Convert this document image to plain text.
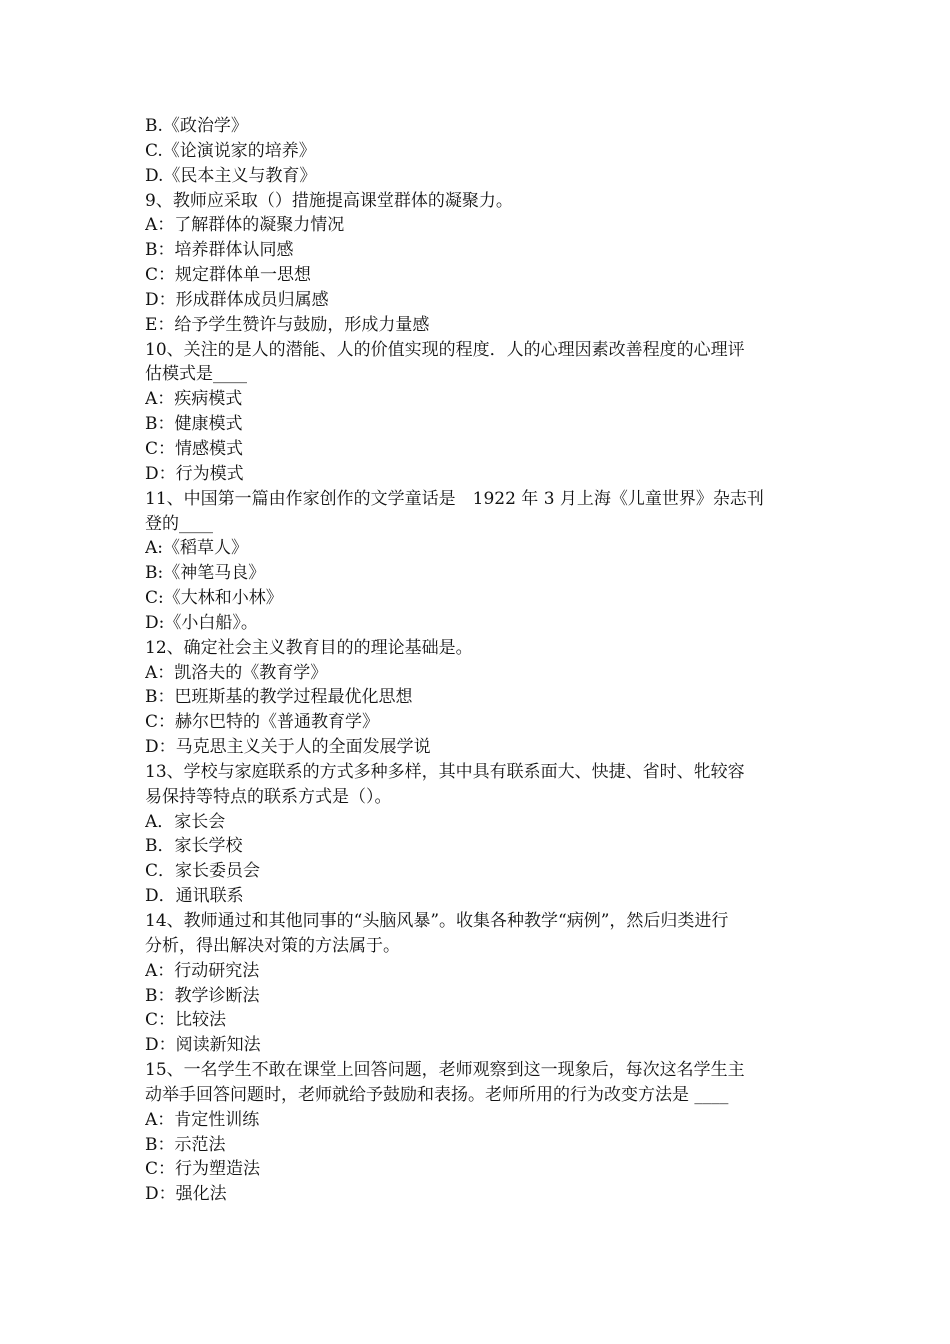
B.《政治学》
C.《论演说家的培养》
D.《民本主义与教育》
9、教师应采取（）措施提高课堂群体的凝聚力。
A：了解群体的凝聚力情况
B：培养群体认同感
C：规定群体单一思想
D：形成群体成员归属感
E：给予学生赞许与鼓励，形成力量感
10、关注的是人的潜能、人的价值实现的程度．人的心理因素改善程度的心理评
估模式是____
A：疾病模式
B：健康模式
C：情感模式
D：行为模式
11、中国第一篇由作家创作的文学童话是　1922 年 3 月上海《儿童世界》杂志刊
登的____
A:《稻草人》
B:《神笔马良》
C:《大林和小林》
D:《小白船》。
12、确定社会主义教育目的的理论基础是。
A：凯洛夫的《教育学》
B：巴班斯基的教学过程最优化思想
C：赫尔巴特的《普通教育学》
D：马克思主义关于人的全面发展学说
13、学校与家庭联系的方式多种多样，其中具有联系面大、快捷、省时、牝较容
易保持等特点的联系方式是（）。
A．家长会
B．家长学校
C．家长委员会
D．通讯联系
14、教师通过和其他同事的“头脑风暴”。收集各种教学“病例”，然后归类进行
分析，得出解决对策的方法属于。
A：行动研究法
B：教学诊断法
C：比较法
D：阅读新知法
15、一名学生不敢在课堂上回答问题，老师观察到这一现象后，每次这名学生主
动举手回答问题时，老师就给予鼓励和表扬。老师所用的行为改变方法是 ____
A：肯定性训练
B：示范法
C：行为塑造法
D：强化法
